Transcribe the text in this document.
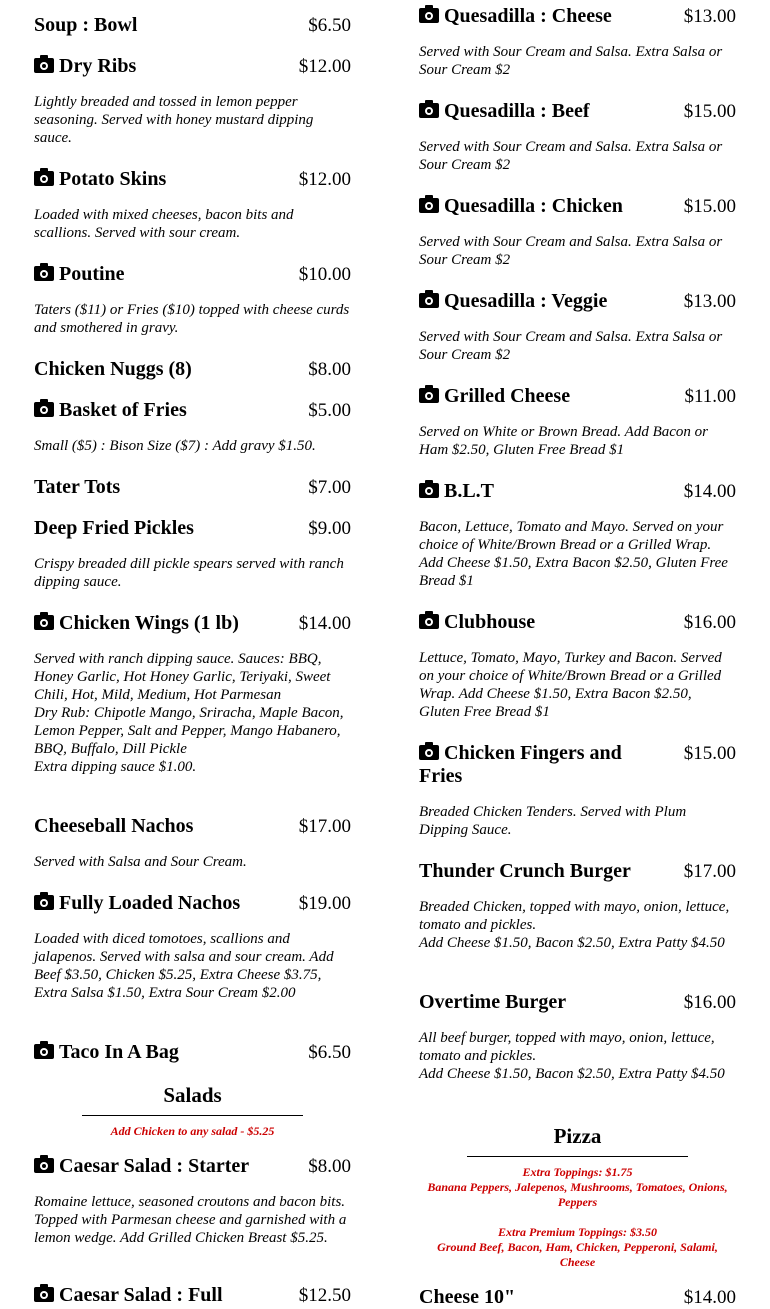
Soup : Bowl	$6.50
Dry Ribs	$12.00
Lightly breaded and tossed in lemon pepper seasoning. Served with honey mustard dipping sauce.
Potato Skins	$12.00
Loaded with mixed cheeses, bacon bits and scallions. Served with sour cream.
Poutine	$10.00
Taters ($11) or Fries ($10) topped with cheese curds and smothered in gravy.
Chicken Nuggs (8)	$8.00
Basket of Fries	$5.00
Small ($5) : Bison Size ($7) : Add gravy $1.50.
Tater Tots	$7.00
Deep Fried Pickles	$9.00
Crispy breaded dill pickle spears served with ranch dipping sauce.
Chicken Wings (1 lb)	$14.00
Served with ranch dipping sauce. Sauces: BBQ, Honey Garlic, Hot Honey Garlic, Teriyaki, Sweet Chili, Hot, Mild, Medium, Hot Parmesan
Dry Rub: Chipotle Mango, Sriracha, Maple Bacon, Lemon Pepper, Salt and Pepper, Mango Habanero, BBQ, Buffalo, Dill Pickle
Extra dipping sauce $1.00.
Cheeseball Nachos	$17.00
Served with Salsa and Sour Cream.
Fully Loaded Nachos	$19.00
Loaded with diced tomotoes, scallions and jalapenos. Served with salsa and sour cream. Add Beef $3.50, Chicken $5.25, Extra Cheese $3.75, Extra Salsa $1.50, Extra Sour Cream $2.00
Taco In A Bag	$6.50
Caesar Salad : Starter	$8.00
Romaine lettuce, seasoned croutons and bacon bits. Topped with Parmesan cheese and garnished with a lemon wedge. Add Grilled Chicken Breast $5.25.
Caesar Salad : Full	$12.50
Quesadilla : Cheese	$13.00
Served with Sour Cream and Salsa. Extra Salsa or Sour Cream $2
Quesadilla : Beef	$15.00
Served with Sour Cream and Salsa. Extra Salsa or Sour Cream $2
Quesadilla : Chicken	$15.00
Served with Sour Cream and Salsa. Extra Salsa or Sour Cream $2
Quesadilla : Veggie	$13.00
Served with Sour Cream and Salsa. Extra Salsa or Sour Cream $2
Grilled Cheese	$11.00
Served on White or Brown Bread. Add Bacon or Ham $2.50, Gluten Free Bread $1
B.L.T	$14.00
Bacon, Lettuce, Tomato and Mayo. Served on your choice of White/Brown Bread or a Grilled Wrap. Add Cheese $1.50, Extra Bacon $2.50, Gluten Free Bread $1
Clubhouse	$16.00
Lettuce, Tomato, Mayo, Turkey and Bacon. Served on your choice of White/Brown Bread or a Grilled Wrap. Add Cheese $1.50, Extra Bacon $2.50, Gluten Free Bread $1
Chicken Fingers and Fries
$15.00
Breaded Chicken Tenders. Served with Plum Dipping Sauce.
Thunder Crunch Burger	$17.00
Breaded Chicken, topped with mayo, onion, lettuce, tomato and pickles.
Add Cheese $1.50, Bacon $2.50, Extra Patty $4.50
Overtime Burger	$16.00
All beef burger, topped with mayo, onion, lettuce, tomato and pickles.
Add Cheese $1.50, Bacon $2.50, Extra Patty $4.50
Cheese 10"	$14.00
Salads
Add Chicken to any salad - $5.25	Pizza
Extra Toppings: $1.75
Banana Peppers, Jalepenos, Mushrooms, Tomatoes, Onions, Peppers

Extra Premium Toppings: $3.50
Ground Beef, Bacon, Ham, Chicken, Pepperoni, Salami, Cheese
